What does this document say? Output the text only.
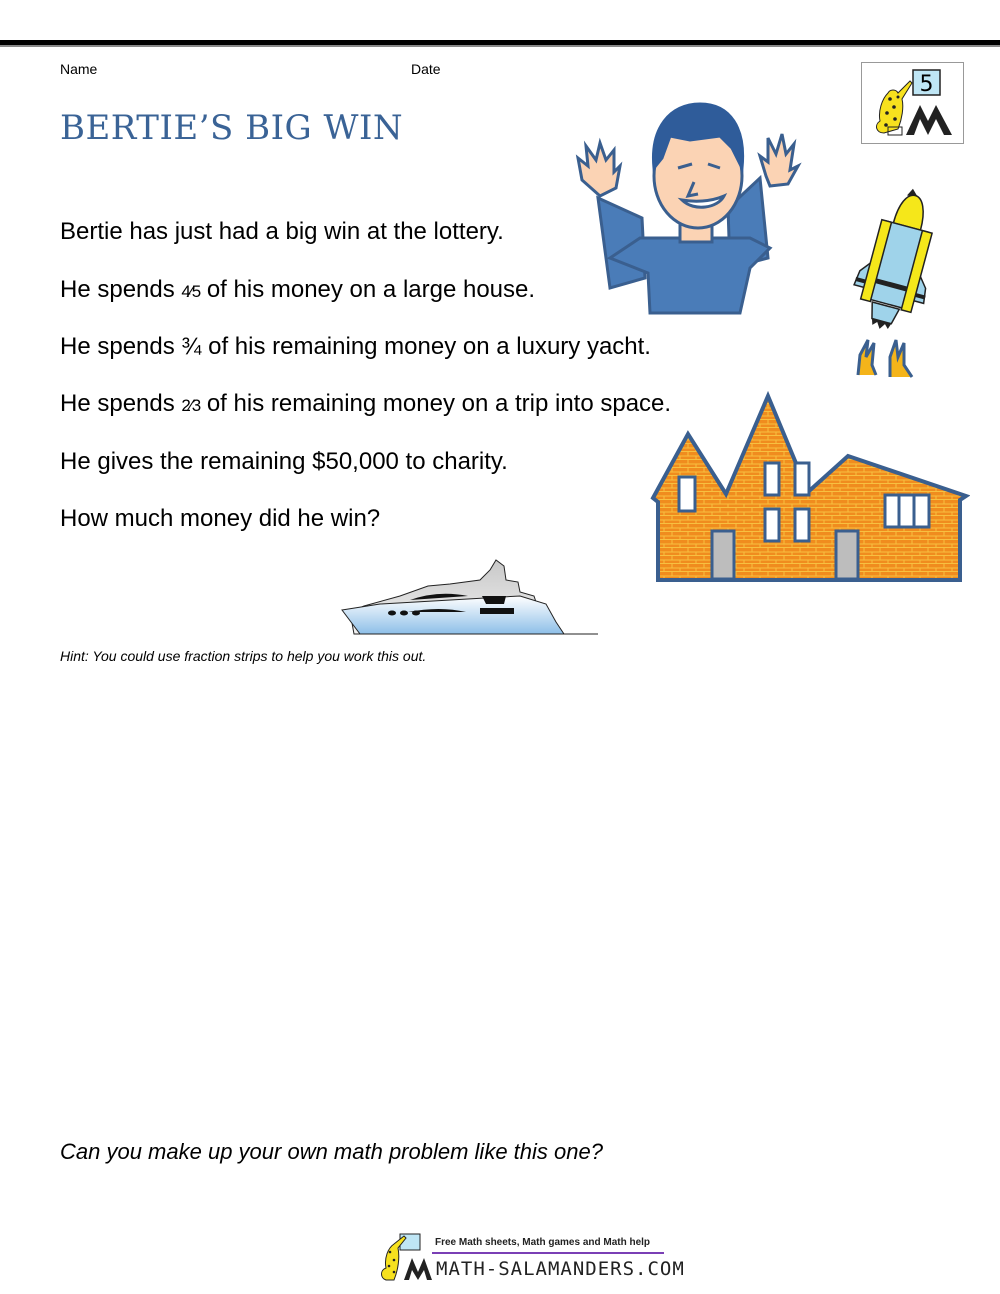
Name	Date
BERTIE’S BIG WIN
5
Bertie has just had a big win at the lottery.
He spends 4⁄5 of his money on a large house.
He spends ¾ of his remaining money on a luxury yacht.
He spends 2⁄3 of his remaining money on a trip into space.
He gives the remaining $50,000 to charity.
How much money did he win?
Hint: You could use fraction strips to help you work this out.
Can you make up your own math problem like this one?
Free Math sheets, Math games and Math help
MATH-SALAMANDERS.COM
